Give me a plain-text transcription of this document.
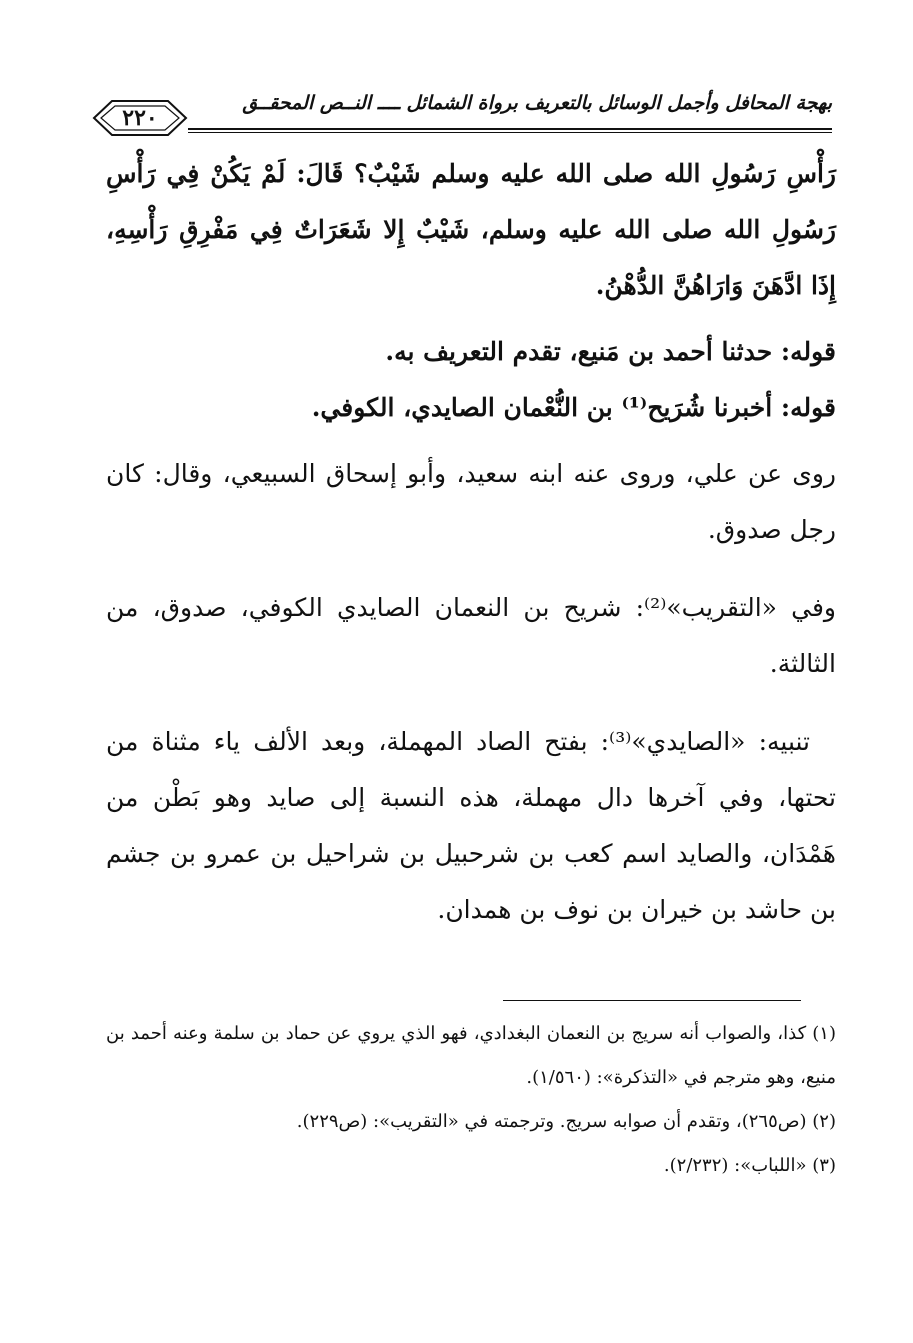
بهجة المحافل وأجمل الوسائل بالتعريف برواة الشمائل ــــ النــص المحقــق
٢٢٠

رَأْسِ رَسُولِ الله صلى الله عليه وسلم شَيْبٌ؟ قَالَ: لَمْ يَكُنْ فِي رَأْسِ رَسُولِ الله صلى الله عليه وسلم، شَيْبٌ إِلا شَعَرَاتٌ فِي مَفْرِقِ رَأْسِهِ، إِذَا ادَّهَنَ وَارَاهُنَّ الدُّهْنُ.

قوله: حدثنا أحمد بن مَنيع، تقدم التعريف به.

قوله: أخبرنا شُرَيح⁽¹⁾ بن النُّعْمان الصايدي، الكوفي.

روى عن علي، وروى عنه ابنه سعيد، وأبو إسحاق السبيعي، وقال: كان رجل صدوق.

وفي «التقريب»⁽²⁾: شريح بن النعمان الصايدي الكوفي، صدوق، من الثالثة.

تنبيه: «الصايدي»⁽³⁾: بفتح الصاد المهملة، وبعد الألف ياء مثناة من تحتها، وفي آخرها دال مهملة، هذه النسبة إلى صايد وهو بَطْن من هَمْدَان، والصايد اسم كعب بن شرحبيل بن شراحيل بن عمرو بن جشم بن حاشد بن خيران بن نوف بن همدان.

(١) كذا، والصواب أنه سريج بن النعمان البغدادي، فهو الذي يروي عن حماد بن سلمة وعنه أحمد بن منيع، وهو مترجم في «التذكرة»: (١/٥٦٠).

(٢) (ص٢٦٥)، وتقدم أن صوابه سريج. وترجمته في «التقريب»: (ص٢٢٩).

(٣) «اللباب»: (٢/٢٣٢).
